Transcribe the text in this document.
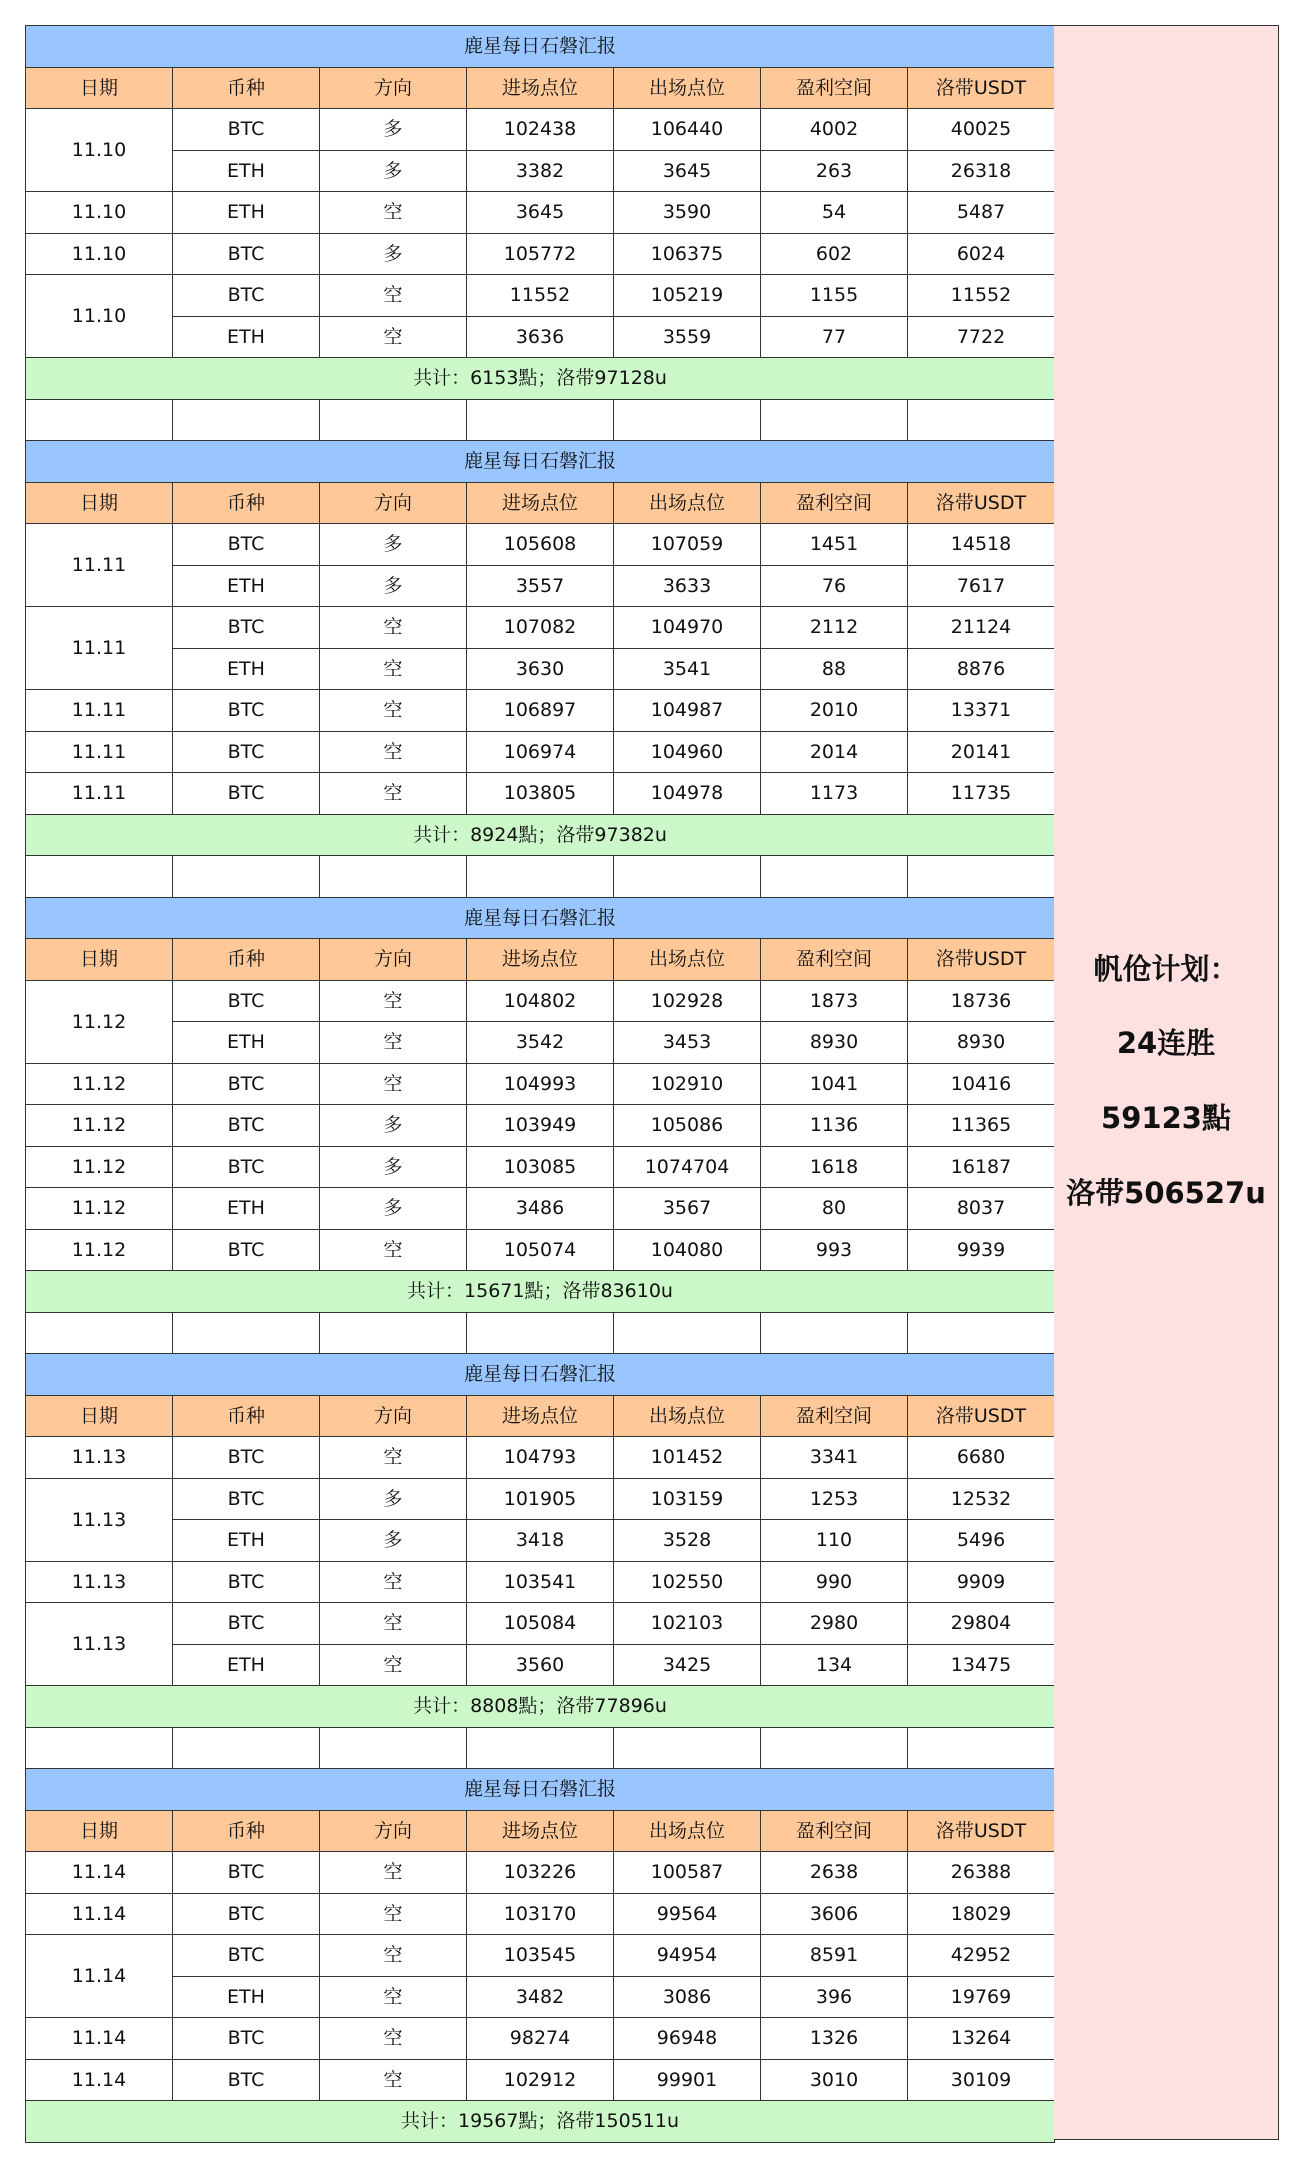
鹿星每日石磐汇报						
日期	币种	方向	进场点位	出场点位	盈利空间	洛带USDT
11.10	BTC	多	102438	106440	4002	40025
	ETH	多	3382	3645	263	26318
11.10	ETH	空	3645	3590	54	5487
11.10	BTC	多	105772	106375	602	6024
11.10	BTC	空	11552	105219	1155	11552
	ETH	空	3636	3559	77	7722
共计：6153點；洛带97128u						

鹿星每日石磐汇报						
日期	币种	方向	进场点位	出场点位	盈利空间	洛带USDT
11.11	BTC	多	105608	107059	1451	14518
	ETH	多	3557	3633	76	7617
11.11	BTC	空	107082	104970	2112	21124
	ETH	空	3630	3541	88	8876
11.11	BTC	空	106897	104987	2010	13371
11.11	BTC	空	106974	104960	2014	20141
11.11	BTC	空	103805	104978	1173	11735
共计：8924點；洛带97382u						

鹿星每日石磐汇报						
日期	币种	方向	进场点位	出场点位	盈利空间	洛带USDT
11.12	BTC	空	104802	102928	1873	18736
	ETH	空	3542	3453	8930	8930
11.12	BTC	空	104993	102910	1041	10416
11.12	BTC	多	103949	105086	1136	11365
11.12	BTC	多	103085	1074704	1618	16187
11.12	ETH	多	3486	3567	80	8037
11.12	BTC	空	105074	104080	993	9939
共计：15671點；洛带83610u						

鹿星每日石磐汇报						
日期	币种	方向	进场点位	出场点位	盈利空间	洛带USDT
11.13	BTC	空	104793	101452	3341	6680
11.13	BTC	多	101905	103159	1253	12532
	ETH	多	3418	3528	110	5496
11.13	BTC	空	103541	102550	990	9909
11.13	BTC	空	105084	102103	2980	29804
	ETH	空	3560	3425	134	13475
共计：8808點；洛带77896u						

鹿星每日石磐汇报						
日期	币种	方向	进场点位	出场点位	盈利空间	洛带USDT
11.14	BTC	空	103226	100587	2638	26388
11.14	BTC	空	103170	99564	3606	18029
11.14	BTC	空	103545	94954	8591	42952
	ETH	空	3482	3086	396	19769
11.14	BTC	空	98274	96948	1326	13264
11.14	BTC	空	102912	99901	3010	30109
共计：19567點；洛带150511u						
帆伧计划：
24连胜
59123點
洛带506527u
